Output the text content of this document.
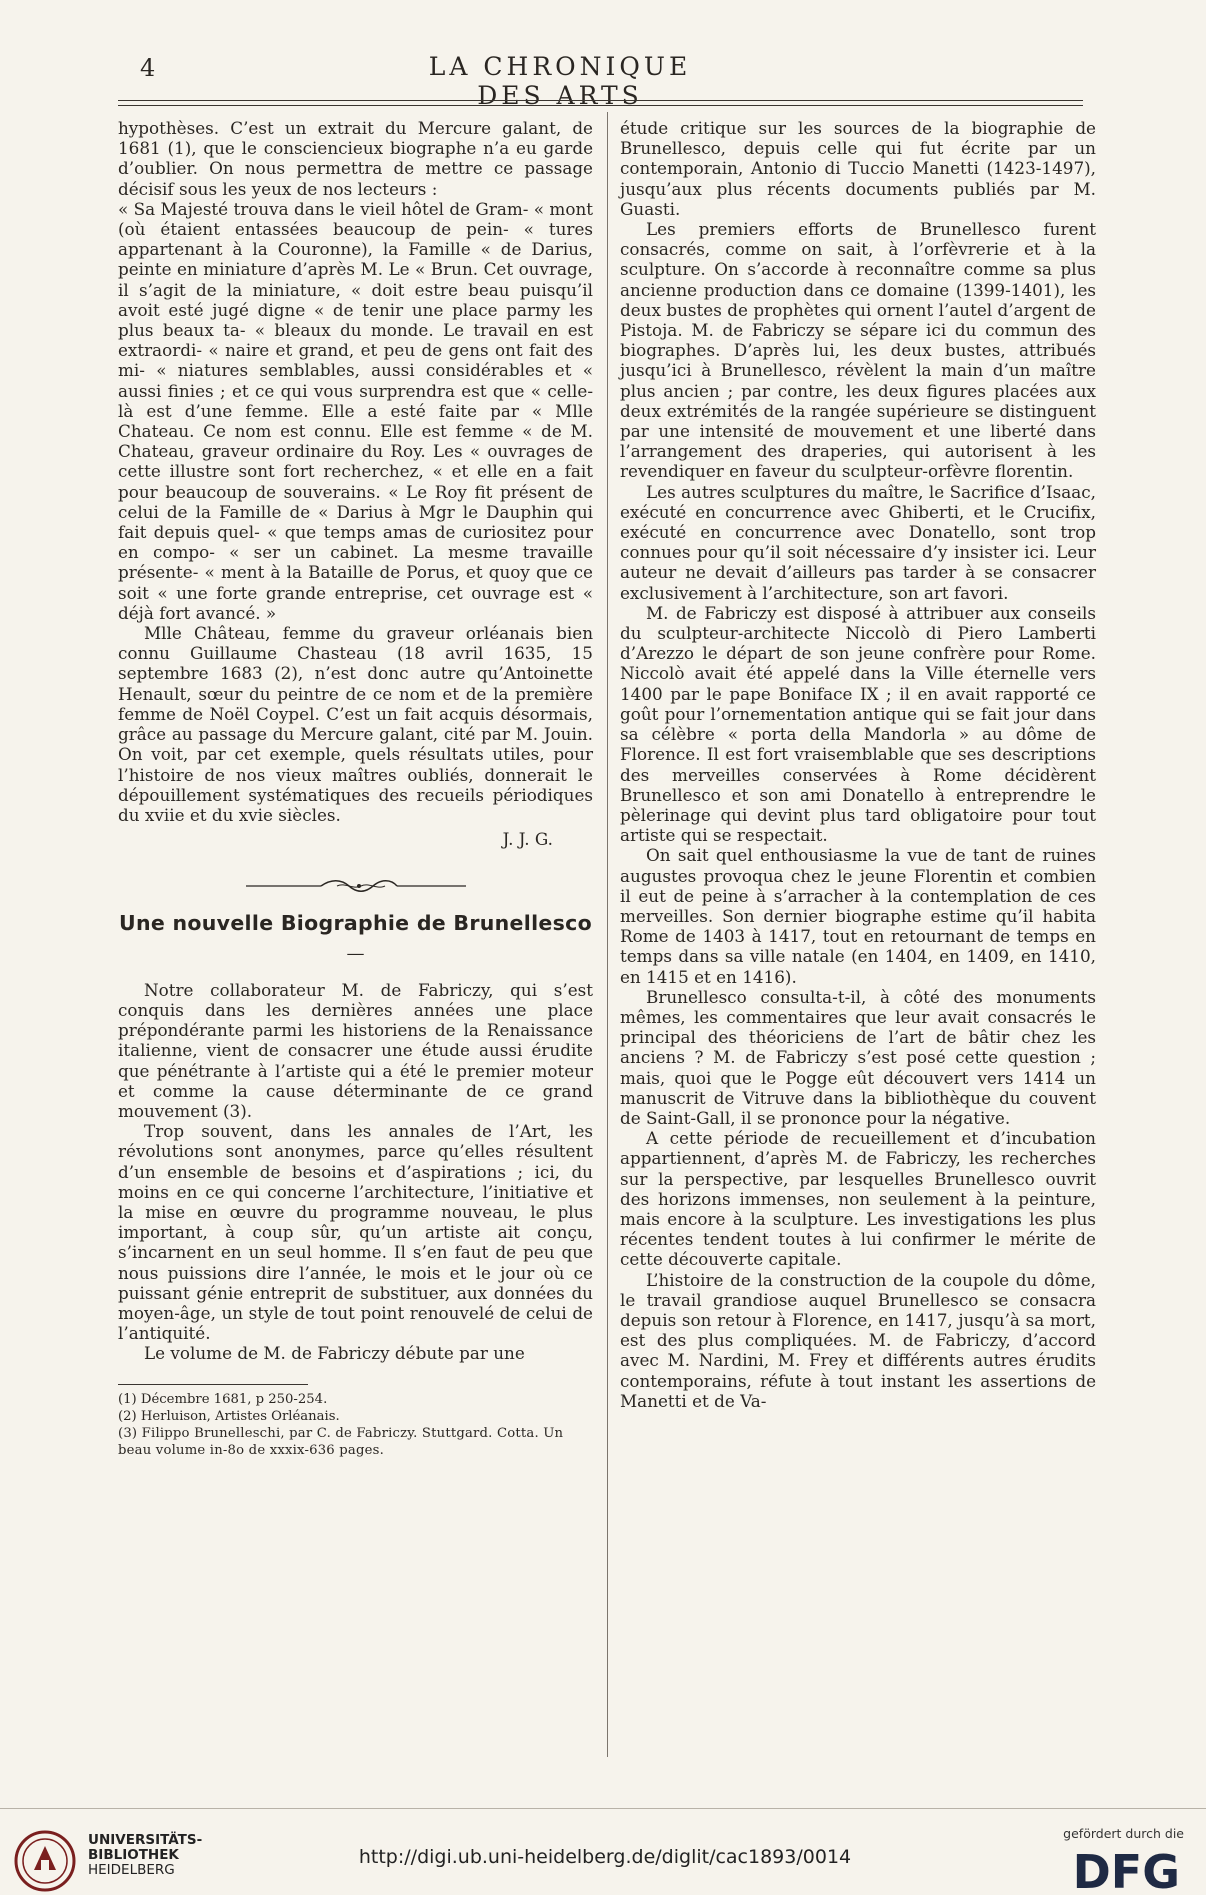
4	LA CHRONIQUE DES ARTS

hypothèses. C’est un extrait du Mercure galant, de 1681 (1), que le consciencieux biographe n’a eu garde d’oublier. On nous permettra de mettre ce passage décisif sous les yeux de nos lecteurs :

« Sa Majesté trouva dans le vieil hôtel de Gram- « mont (où étaient entassées beaucoup de pein- « tures appartenant à la Couronne), la Famille « de Darius, peinte en miniature d’après M. Le « Brun. Cet ouvrage, il s’agit de la miniature, « doit estre beau puisqu’il avoit esté jugé digne « de tenir une place parmy les plus beaux ta- « bleaux du monde. Le travail en est extraordi- « naire et grand, et peu de gens ont fait des mi- « niatures semblables, aussi considérables et « aussi finies ; et ce qui vous surprendra est que « celle-là est d’une femme. Elle a esté faite par « Mlle Chateau. Ce nom est connu. Elle est femme « de M. Chateau, graveur ordinaire du Roy. Les « ouvrages de cette illustre sont fort recherchez, « et elle en a fait pour beaucoup de souverains. « Le Roy fit présent de celui de la Famille de « Darius à Mgr le Dauphin qui fait depuis quel- « que temps amas de curiositez pour en compo- « ser un cabinet. La mesme travaille présente- « ment à la Bataille de Porus, et quoy que ce soit « une forte grande entreprise, cet ouvrage est « déjà fort avancé. »

Mlle Château, femme du graveur orléanais bien connu Guillaume Chasteau (18 avril 1635, 15 septembre 1683 (2), n’est donc autre qu’Antoinette Henault, sœur du peintre de ce nom et de la première femme de Noël Coypel. C’est un fait acquis désormais, grâce au passage du Mercure galant, cité par M. Jouin. On voit, par cet exemple, quels résultats utiles, pour l’histoire de nos vieux maîtres oubliés, donnerait le dépouillement systématiques des recueils périodiques du xviie et du xvie siècles.

J. J. G.

Une nouvelle Biographie de Brunellesco
—

Notre collaborateur M. de Fabriczy, qui s’est conquis dans les dernières années une place prépondérante parmi les historiens de la Renaissance italienne, vient de consacrer une étude aussi érudite que pénétrante à l’artiste qui a été le premier moteur et comme la cause déterminante de ce grand mouvement (3).

Trop souvent, dans les annales de l’Art, les révolutions sont anonymes, parce qu’elles résultent d’un ensemble de besoins et d’aspirations ; ici, du moins en ce qui concerne l’architecture, l’initiative et la mise en œuvre du programme nouveau, le plus important, à coup sûr, qu’un artiste ait conçu, s’incarnent en un seul homme. Il s’en faut de peu que nous puissions dire l’année, le mois et le jour où ce puissant génie entreprit de substituer, aux données du moyen-âge, un style de tout point renouvelé de celui de l’antiquité.

Le volume de M. de Fabriczy débute par une

(1) Décembre 1681, p 250-254.

(2) Herluison, Artistes Orléanais.

(3) Filippo Brunelleschi, par C. de Fabriczy. Stuttgard. Cotta. Un beau volume in-8o de xxxix-636 pages.

étude critique sur les sources de la biographie de Brunellesco, depuis celle qui fut écrite par un contemporain, Antonio di Tuccio Manetti (1423-1497), jusqu’aux plus récents documents publiés par M. Guasti.

Les premiers efforts de Brunellesco furent consacrés, comme on sait, à l’orfèvrerie et à la sculpture. On s’accorde à reconnaître comme sa plus ancienne production dans ce domaine (1399-1401), les deux bustes de prophètes qui ornent l’autel d’argent de Pistoja. M. de Fabriczy se sépare ici du commun des biographes. D’après lui, les deux bustes, attribués jusqu’ici à Brunellesco, révèlent la main d’un maître plus ancien ; par contre, les deux figures placées aux deux extrémités de la rangée supérieure se distinguent par une intensité de mouvement et une liberté dans l’arrangement des draperies, qui autorisent à les revendiquer en faveur du sculpteur-orfèvre florentin.

Les autres sculptures du maître, le Sacrifice d’Isaac, exécuté en concurrence avec Ghiberti, et le Crucifix, exécuté en concurrence avec Donatello, sont trop connues pour qu’il soit nécessaire d’y insister ici. Leur auteur ne devait d’ailleurs pas tarder à se consacrer exclusivement à l’architecture, son art favori.

M. de Fabriczy est disposé à attribuer aux conseils du sculpteur-architecte Niccolò di Piero Lamberti d’Arezzo le départ de son jeune confrère pour Rome. Niccolò avait été appelé dans la Ville éternelle vers 1400 par le pape Boniface IX ; il en avait rapporté ce goût pour l’ornementation antique qui se fait jour dans sa célèbre « porta della Mandorla » au dôme de Florence. Il est fort vraisemblable que ses descriptions des merveilles conservées à Rome décidèrent Brunellesco et son ami Donatello à entreprendre le pèlerinage qui devint plus tard obligatoire pour tout artiste qui se respectait.

On sait quel enthousiasme la vue de tant de ruines augustes provoqua chez le jeune Florentin et combien il eut de peine à s’arracher à la contemplation de ces merveilles. Son dernier biographe estime qu’il habita Rome de 1403 à 1417, tout en retournant de temps en temps dans sa ville natale (en 1404, en 1409, en 1410, en 1415 et en 1416).

Brunellesco consulta-t-il, à côté des monuments mêmes, les commentaires que leur avait consacrés le principal des théoriciens de l’art de bâtir chez les anciens ? M. de Fabriczy s’est posé cette question ; mais, quoi que le Pogge eût découvert vers 1414 un manuscrit de Vitruve dans la bibliothèque du couvent de Saint-Gall, il se prononce pour la négative.

A cette période de recueillement et d’incubation appartiennent, d’après M. de Fabriczy, les recherches sur la perspective, par lesquelles Brunellesco ouvrit des horizons immenses, non seulement à la peinture, mais encore à la sculpture. Les investigations les plus récentes tendent toutes à lui confirmer le mérite de cette découverte capitale.

L’histoire de la construction de la coupole du dôme, le travail grandiose auquel Brunellesco se consacra depuis son retour à Florence, en 1417, jusqu’à sa mort, est des plus compliquées. M. de Fabriczy, d’accord avec M. Nardini, M. Frey et différents autres érudits contemporains, réfute à tout instant les assertions de Manetti et de Va-

UNIVERSITÄTS-
BIBLIOTHEK
HEIDELBERG
http://digi.ub.uni-heidelberg.de/diglit/cac1893/0014
gefördert durch die
DFG
